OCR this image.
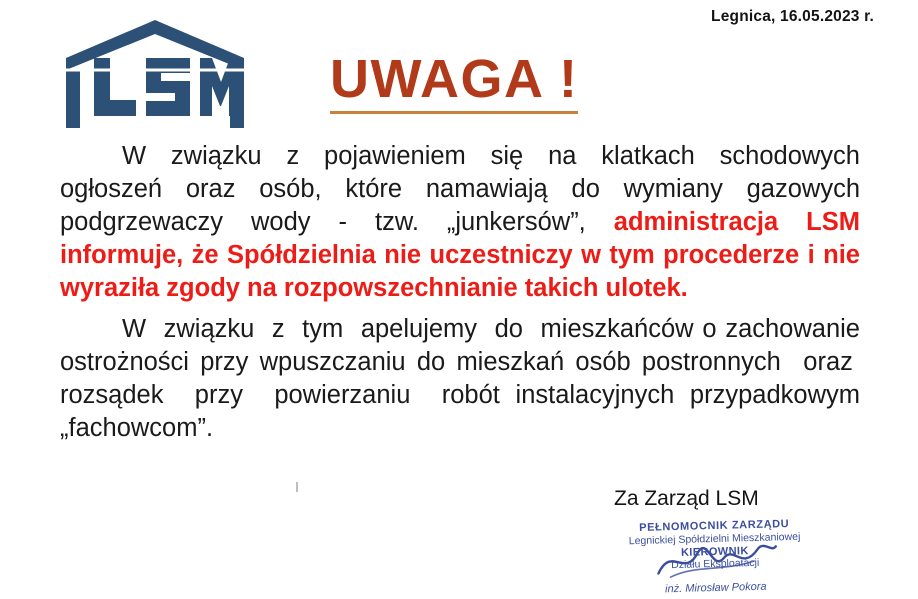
Legnica, 16.05.2023 r.
UWAGA !

W  związku  z  pojawieniem  się  na  klatkach  schodowych ogłoszeń oraz osób, które namawiają do wymiany gazowych podgrzewaczy wody - tzw. „junkersów”, administracja LSM informuje, że Spółdzielnia nie uczestniczy w tym procederze i nie wyraziła zgody na rozpowszechnianie takich ulotek.

W  związku  z  tym  apelujemy  do  mieszkańców o zachowanie ostrożności przy wpuszczaniu do mieszkań osób postronnych  oraz  rozsądek  przy  powierzaniu  robót instalacyjnych przypadkowym „fachowcom”.

Za Zarząd LSM
PEŁNOMOCNIK ZARZĄDU
Legnickiej Spółdzielni Mieszkaniowej
KIEROWNIK
Działu Eksploatacji
inż. Mirosław Pokora
